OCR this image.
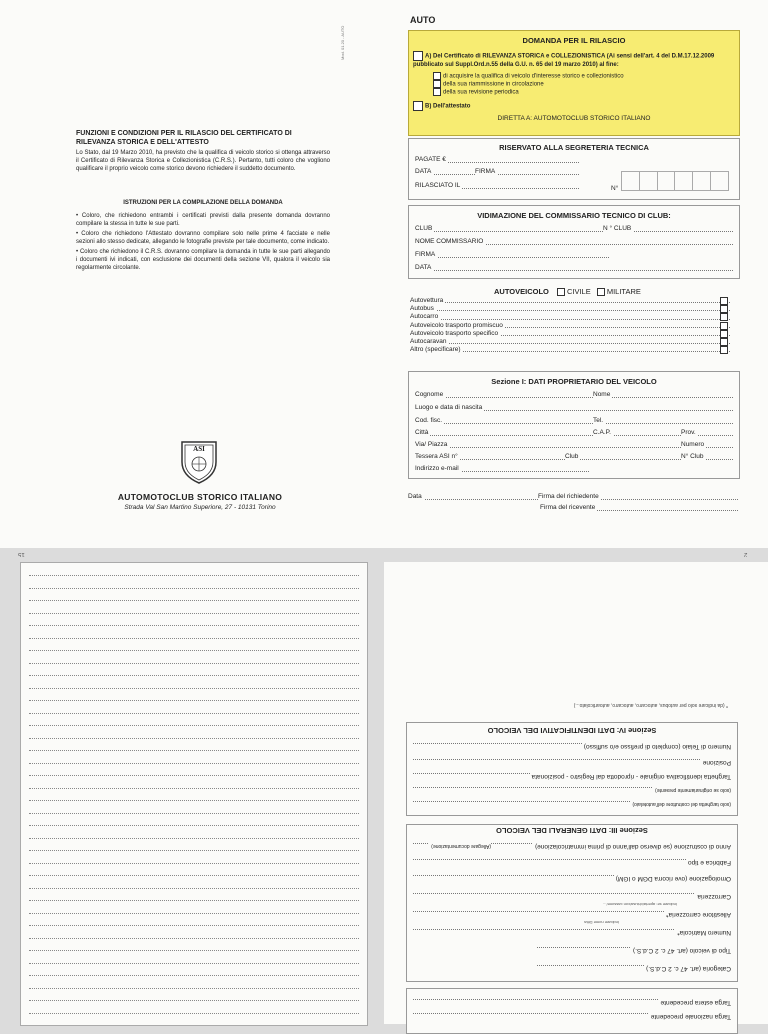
FUNZIONI E CONDIZIONI PER IL RILASCIO DEL CERTIFICATO DI RILEVANZA STORICA E DELL'ATTESTO
Lo Stato, dal 19 Marzo 2010, ha previsto che la qualifica di veicolo storico si ottenga attraverso il Certificato di Rilevanza Storica e Collezionistica (C.R.S.). Pertanto, tutti coloro che vogliono qualificare il proprio veicolo come storico devono richiedere il suddetto documento.
ISTRUZIONI PER LA COMPILAZIONE DELLA DOMANDA
• Coloro, che richiedono entrambi i certificati previsti dalla presente domanda dovranno compilare la stessa in tutte le sue parti.
• Coloro che richiedono l'Attestato dovranno compilare solo nelle prime 4 facciate e nelle sezioni allo stesso dedicate, allegando le fotografie previste per tale documento, come indicato.
• Coloro che richiedono il C.R.S. dovranno compilare la domanda in tutte le sue parti allegando i documenti ivi indicati, con esclusione dei documenti della sezione VII, qualora il veicolo sia regolarmente circolante.
ASI
AUTOMOTOCLUB STORICO ITALIANO
Strada Val San Martino Superiore, 27 - 10131 Torino
Mod. 01.20 - AUTO
AUTO
DOMANDA PER IL RILASCIO
A) Del Certificato di RILEVANZA STORICA e COLLEZIONISTICA (Ai sensi dell'art. 4 del D.M.17.12.2009 pubblicato sul Suppl.Ord.n.55 della G.U. n. 65 del 19 marzo 2010) al fine:
di acquisire la qualifica di veicolo d'interesse storico e collezionistico
della sua riammissione in circolazione
della sua revisione periodica
B) Dell'attestato
DIRETTA A: AUTOMOTOCLUB STORICO ITALIANO
RISERVATO ALLA SEGRETERIA TECNICA
PAGATE €
DATA	FIRMA
RILASCIATO IL	N°
VIDIMAZIONE DEL COMMISSARIO TECNICO DI CLUB:
CLUB	N ° CLUB
NOME COMMISSARIO
FIRMA
DATA
AUTOVEICOLO CIVILE MILITARE
Autovettura
Autobus
Autocarro
Autoveicolo trasporto promiscuo
Autoveicolo trasporto specifico
Autocaravan
Altro (specificare)
Sezione I: DATI PROPRIETARIO DEL VEICOLO
Cognome	Nome
Luogo e data di nascita
Cod. fisc.	Tel.
Città	C.A.P.	Prov.
Via/ Piazza	Numero
Tessera ASI n°	Club	N° Club
Indirizzo e-mail
Data	Firma del richiedente
Firma del ricevente
15	2
Targa nazionale precedente
Targa estera precedente
Sezione III: DATI GENERALI DEL VEICOLO
Categoria (art. 47 c. 2 C.d.S.)
Tipo di veicolo (art. 47 c. 2 C.d.S.)
Numero Matricola*
Indicare nome Ditta
Allestitore carrozzeria*
Indicare se: aperta/chiusa/con cassone/...
Carrozzeria
Omologazione (ove ricorra DGM o IGM)
Fabbrica e tipo
Anno di costruzione (se diverso dall'anno di prima immatricolazione)
(Allegare documentazione)
Sezione IV: DATI IDENTIFICATIVI DEL VEICOLO
(solo targhetta del costruttore dell'autotelaio)
(solo se originariamente presente)
Targhetta identificativa originale - riprodotta dal Registro - posizionata
Posizione
Numero di Telaio (completo di prefisso e/o suffisso)
* (da indicare solo per autobus, autocarro, autocarro, autoarticolato...)
